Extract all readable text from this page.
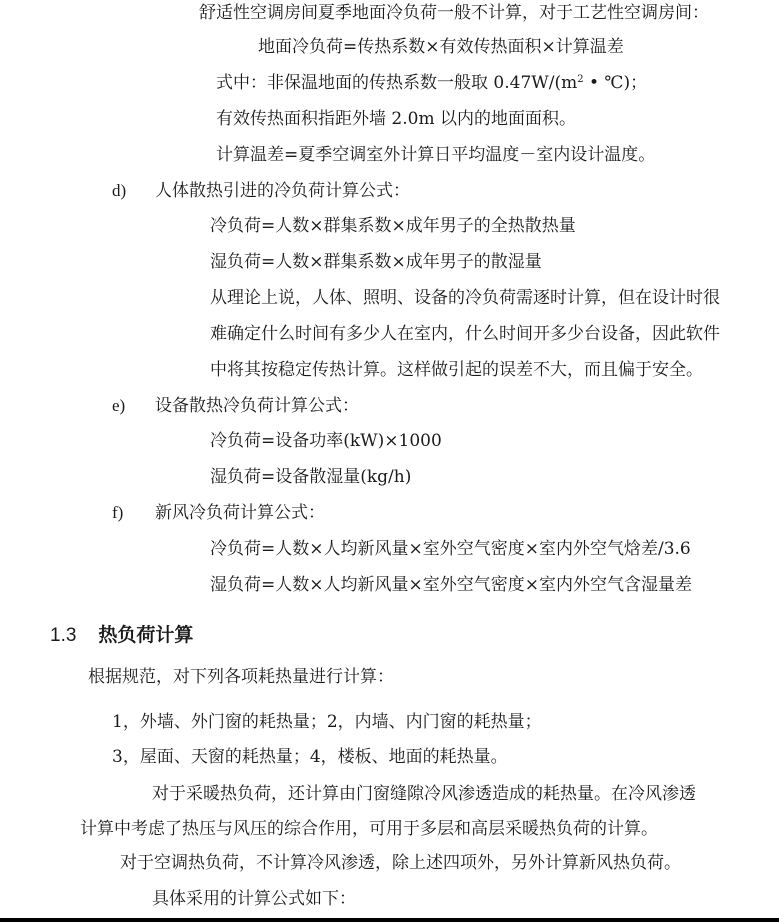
舒适性空调房间夏季地面冷负荷一般不计算，对于工艺性空调房间：
地面冷负荷=传热系数×有效传热面积×计算温差
式中：非保温地面的传热系数一般取 $0.47W/(m^2$ • ℃)；
有效传热面积指距外墙 2.0m 以内的地面面积。
计算温差=夏季空调室外计算日平均温度－室内设计温度。
d) 人体散热引进的冷负荷计算公式：
冷负荷=人数×群集系数×成年男子的全热散热量
湿负荷=人数×群集系数×成年男子的散湿量
从理论上说，人体、照明、设备的冷负荷需逐时计算，但在设计时很
难确定什么时间有多少人在室内，什么时间开多少台设备，因此软件
中将其按稳定传热计算。这样做引起的误差不大，而且偏于安全。
e) 设备散热冷负荷计算公式：
冷负荷=设备功率(kW)×1000
湿负荷=设备散湿量(kg/h)
f) 新风冷负荷计算公式：
冷负荷=人数×人均新风量×室外空气密度×室内外空气焓差/3.6
湿负荷=人数×人均新风量×室外空气密度×室内外空气含湿量差
1.3 热负荷计算
根据规范，对下列各项耗热量进行计算：
1，外墙、外门窗的耗热量；2，内墙、内门窗的耗热量；
3，屋面、天窗的耗热量；4，楼板、地面的耗热量。
对于采暖热负荷，还计算由门窗缝隙冷风渗透造成的耗热量。在冷风渗透
计算中考虑了热压与风压的综合作用，可用于多层和高层采暖热负荷的计算。
对于空调热负荷，不计算冷风渗透，除上述四项外，另外计算新风热负荷。
具体采用的计算公式如下：
